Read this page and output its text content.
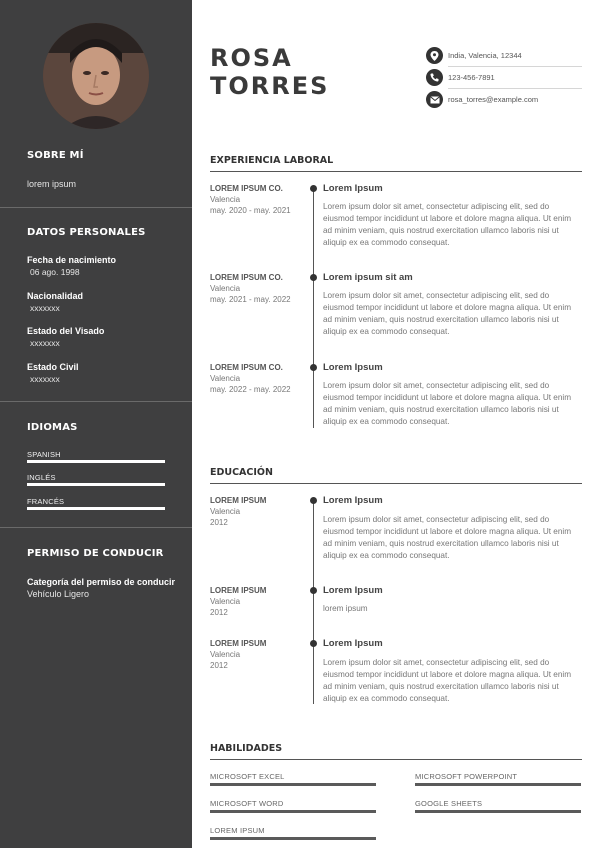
SOBRE MÍ
lorem ipsum
DATOS PERSONALES
Fecha de nacimiento
06 ago. 1998
Nacionalidad
xxxxxxx
Estado del Visado
xxxxxxx
Estado Civil
xxxxxxx
IDIOMAS
SPANISH
INGLÉS
FRANCÉS
PERMISO DE CONDUCIR
Categoría del permiso de conducir
Vehículo Ligero
ROSA
TORRES
India, Valencia, 12344
123-456-7891
rosa_torres@example.com
EXPERIENCIA LABORAL
LOREM IPSUM CO.
Valencia
may. 2020 - may. 2021
Lorem Ipsum
Lorem ipsum dolor sit amet, consectetur adipiscing elit, sed do eiusmod tempor incididunt ut labore et dolore magna aliqua. Ut enim ad minim veniam, quis nostrud exercitation ullamco laboris nisi ut aliquip ex ea commodo consequat.
LOREM IPSUM CO.
Valencia
may. 2021 - may. 2022
Lorem ipsum sit am
Lorem ipsum dolor sit amet, consectetur adipiscing elit, sed do eiusmod tempor incididunt ut labore et dolore magna aliqua. Ut enim ad minim veniam, quis nostrud exercitation ullamco laboris nisi ut aliquip ex ea commodo consequat.
LOREM IPSUM CO.
Valencia
may. 2022 - may. 2022
Lorem Ipsum
Lorem ipsum dolor sit amet, consectetur adipiscing elit, sed do eiusmod tempor incididunt ut labore et dolore magna aliqua. Ut enim ad minim veniam, quis nostrud exercitation ullamco laboris nisi ut aliquip ex ea commodo consequat.
EDUCACIÓN
LOREM IPSUM
Valencia
2012
Lorem Ipsum
Lorem ipsum dolor sit amet, consectetur adipiscing elit, sed do eiusmod tempor incididunt ut labore et dolore magna aliqua. Ut enim ad minim veniam, quis nostrud exercitation ullamco laboris nisi ut aliquip ex ea commodo consequat.
LOREM IPSUM
Valencia
2012
Lorem Ipsum
lorem ipsum
LOREM IPSUM
Valencia
2012
Lorem Ipsum
Lorem ipsum dolor sit amet, consectetur adipiscing elit, sed do eiusmod tempor incididunt ut labore et dolore magna aliqua. Ut enim ad minim veniam, quis nostrud exercitation ullamco laboris nisi ut aliquip ex ea commodo consequat.
HABILIDADES
MICROSOFT EXCEL	MICROSOFT POWERPOINT
MICROSOFT WORD	GOOGLE SHEETS
LOREM IPSUM
